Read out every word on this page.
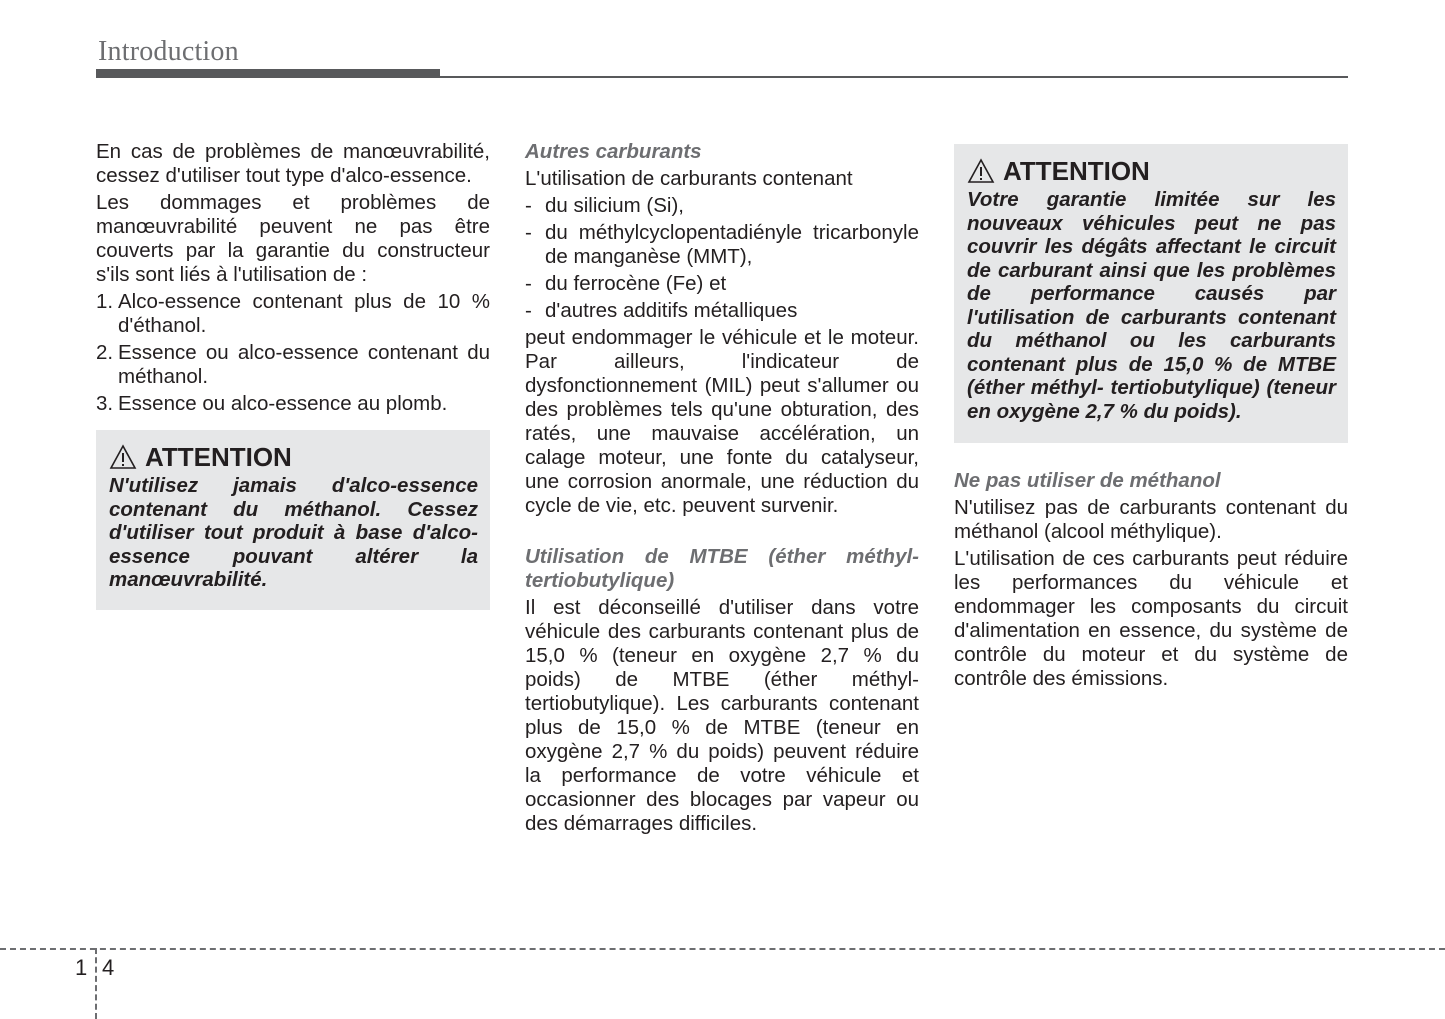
Introduction

En cas de problèmes de manœuvrabilité, cessez d'utiliser tout type d'alco-essence.

Les dommages et problèmes de manœuvrabilité peuvent ne pas être couverts par la garantie du constructeur s'ils sont liés à l'utilisation de :

1. Alco-essence contenant plus de 10 % d'éthanol.
2. Essence ou alco-essence contenant du méthanol.
3. Essence ou alco-essence au plomb.
ATTENTION

N'utilisez jamais d'alco-essence contenant du méthanol. Cessez d'utiliser tout produit à base d'alco-essence pouvant altérer la manœuvrabilité.

Autres carburants

L'utilisation de carburants contenant

- du silicium (Si),
- du méthylcyclopentadiényle tricarbonyle de manganèse (MMT),
- du ferrocène (Fe) et
- d'autres additifs métalliques

peut endommager le véhicule et le moteur. Par ailleurs, l'indicateur de dysfonctionnement (MIL) peut s'allumer ou des problèmes tels qu'une obturation, des ratés, une mauvaise accélération, un calage moteur, une fonte du catalyseur, une corrosion anormale, une réduction du cycle de vie, etc. peuvent survenir.

Utilisation de MTBE (éther méthyl-tertiobutylique)

Il est déconseillé d'utiliser dans votre véhicule des carburants contenant plus de 15,0 % (teneur en oxygène 2,7 % du poids) de MTBE (éther méthyl-tertiobutylique). Les carburants contenant plus de 15,0 % de MTBE (teneur en oxygène 2,7 % du poids) peuvent réduire la performance de votre véhicule et occasionner des blocages par vapeur ou des démarrages difficiles.

ATTENTION

Votre garantie limitée sur les nouveaux véhicules peut ne pas couvrir les dégâts affectant le circuit de carburant ainsi que les problèmes de performance causés par l'utilisation de carburants contenant du méthanol ou les carburants contenant plus de 15,0 % de MTBE (éther méthyl- tertiobutylique) (teneur en oxygène 2,7 % du poids).

Ne pas utiliser de méthanol

N'utilisez pas de carburants contenant du méthanol (alcool méthylique).

L'utilisation de ces carburants peut réduire les performances du véhicule et endommager les composants du circuit d'alimentation en essence, du système de contrôle du moteur et du système de contrôle des émissions.

1 4
